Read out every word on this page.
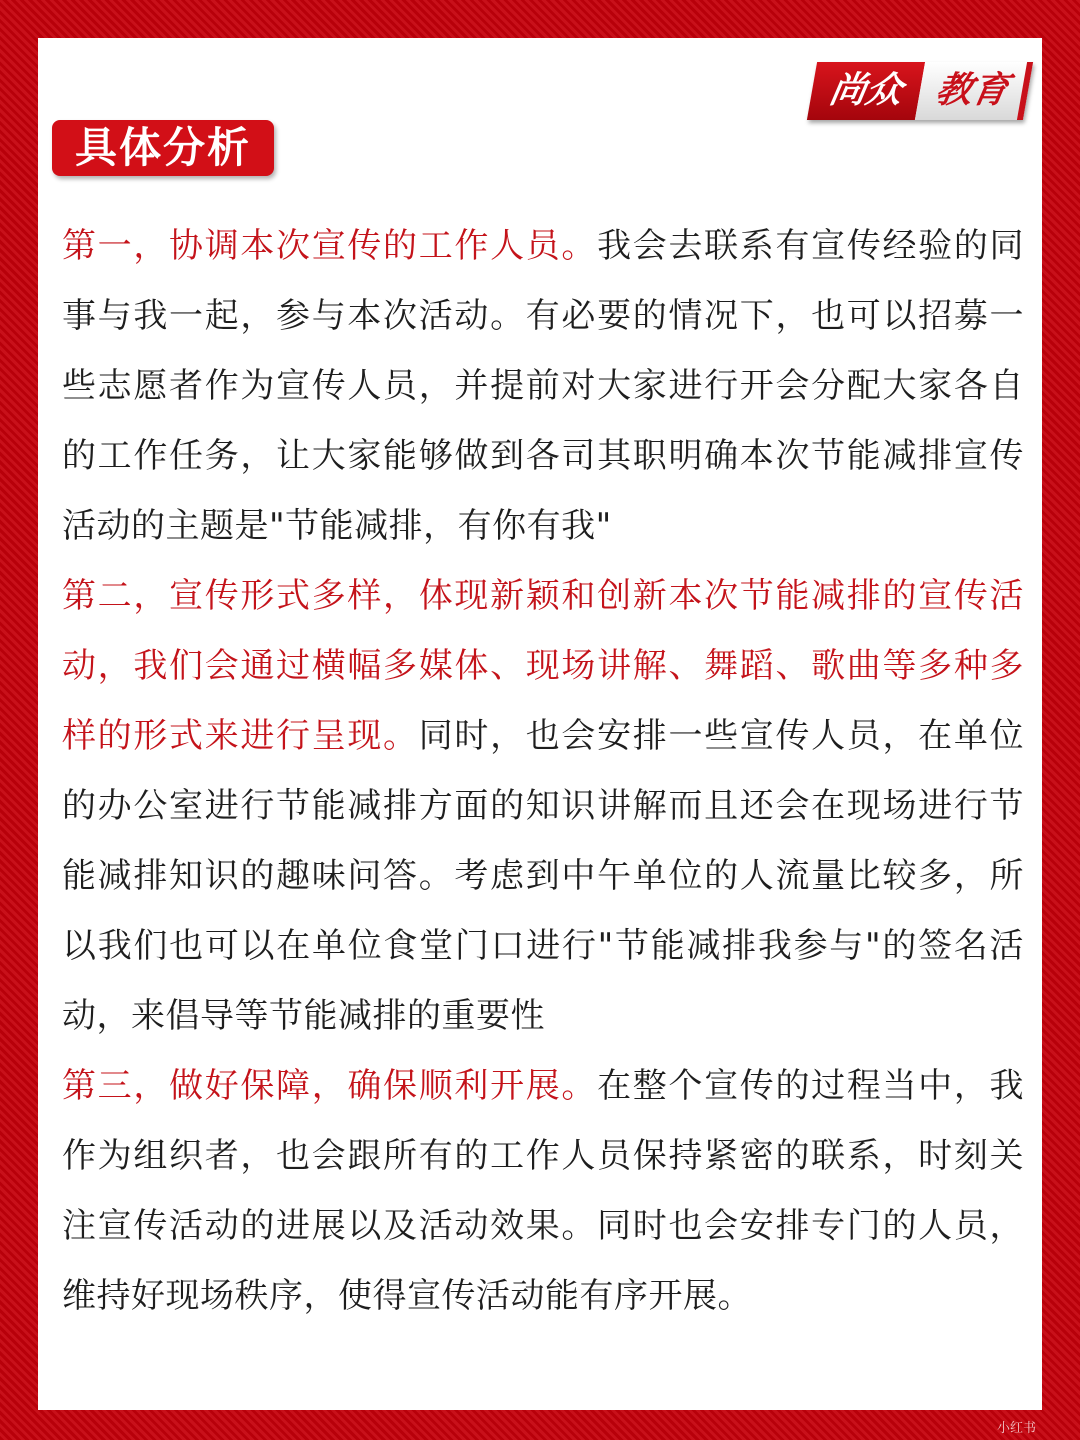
尚众 教育
具体分析

第一，协调本次宣传的工作人员。我会去联系有宣传经验的同事与我一起，参与本次活动。有必要的情况下，也可以招募一些志愿者作为宣传人员，并提前对大家进行开会分配大家各自的工作任务，让大家能够做到各司其职明确本次节能减排宣传活动的主题是"节能减排，有你有我"

第二，宣传形式多样，体现新颖和创新本次节能减排的宣传活动，我们会通过横幅多媒体、现场讲解、舞蹈、歌曲等多种多样的形式来进行呈现。同时，也会安排一些宣传人员，在单位的办公室进行节能减排方面的知识讲解而且还会在现场进行节能减排知识的趣味问答。考虑到中午单位的人流量比较多，所以我们也可以在单位食堂门口进行"节能减排我参与"的签名活动，来倡导等节能减排的重要性

第三，做好保障，确保顺利开展。在整个宣传的过程当中，我作为组织者，也会跟所有的工作人员保持紧密的联系，时刻关注宣传活动的进展以及活动效果。同时也会安排专门的人员，维持好现场秩序，使得宣传活动能有序开展。

小红书
